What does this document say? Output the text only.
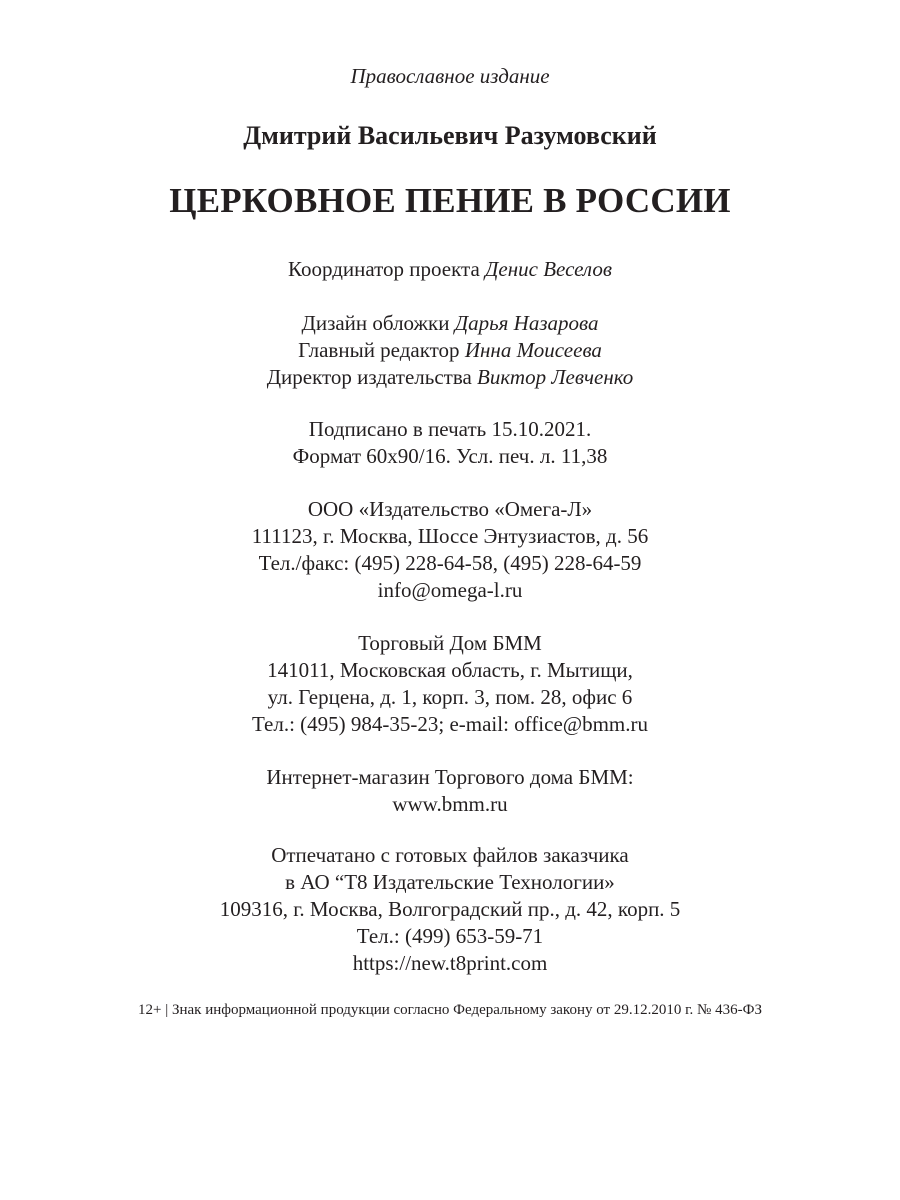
Православное издание
Дмитрий Васильевич Разумовский
ЦЕРКОВНОЕ ПЕНИЕ В РОССИИ
Координатор проекта Денис Веселов
Дизайн обложки Дарья Назарова
Главный редактор Инна Моисеева
Директор издательства Виктор Левченко
Подписано в печать 15.10.2021.
Формат 60х90/16. Усл. печ. л. 11,38
ООО «Издательство «Омега-Л»
111123, г. Москва, Шоссе Энтузиастов, д. 56
Тел./факс: (495) 228-64-58, (495) 228-64-59
info@omega-l.ru
Торговый Дом БММ
141011, Московская область, г. Мытищи,
ул. Герцена, д. 1, корп. 3, пом. 28, офис 6
Тел.: (495) 984-35-23; e-mail: office@bmm.ru
Интернет-магазин Торгового дома БММ:
www.bmm.ru
Отпечатано с готовых файлов заказчика
в АО “Т8 Издательские Технологии»
109316, г. Москва, Волгоградский пр., д. 42, корп. 5
Тел.: (499) 653-59-71
https://new.t8print.com
12+ | Знак информационной продукции согласно Федеральному закону от 29.12.2010 г. № 436-ФЗ
